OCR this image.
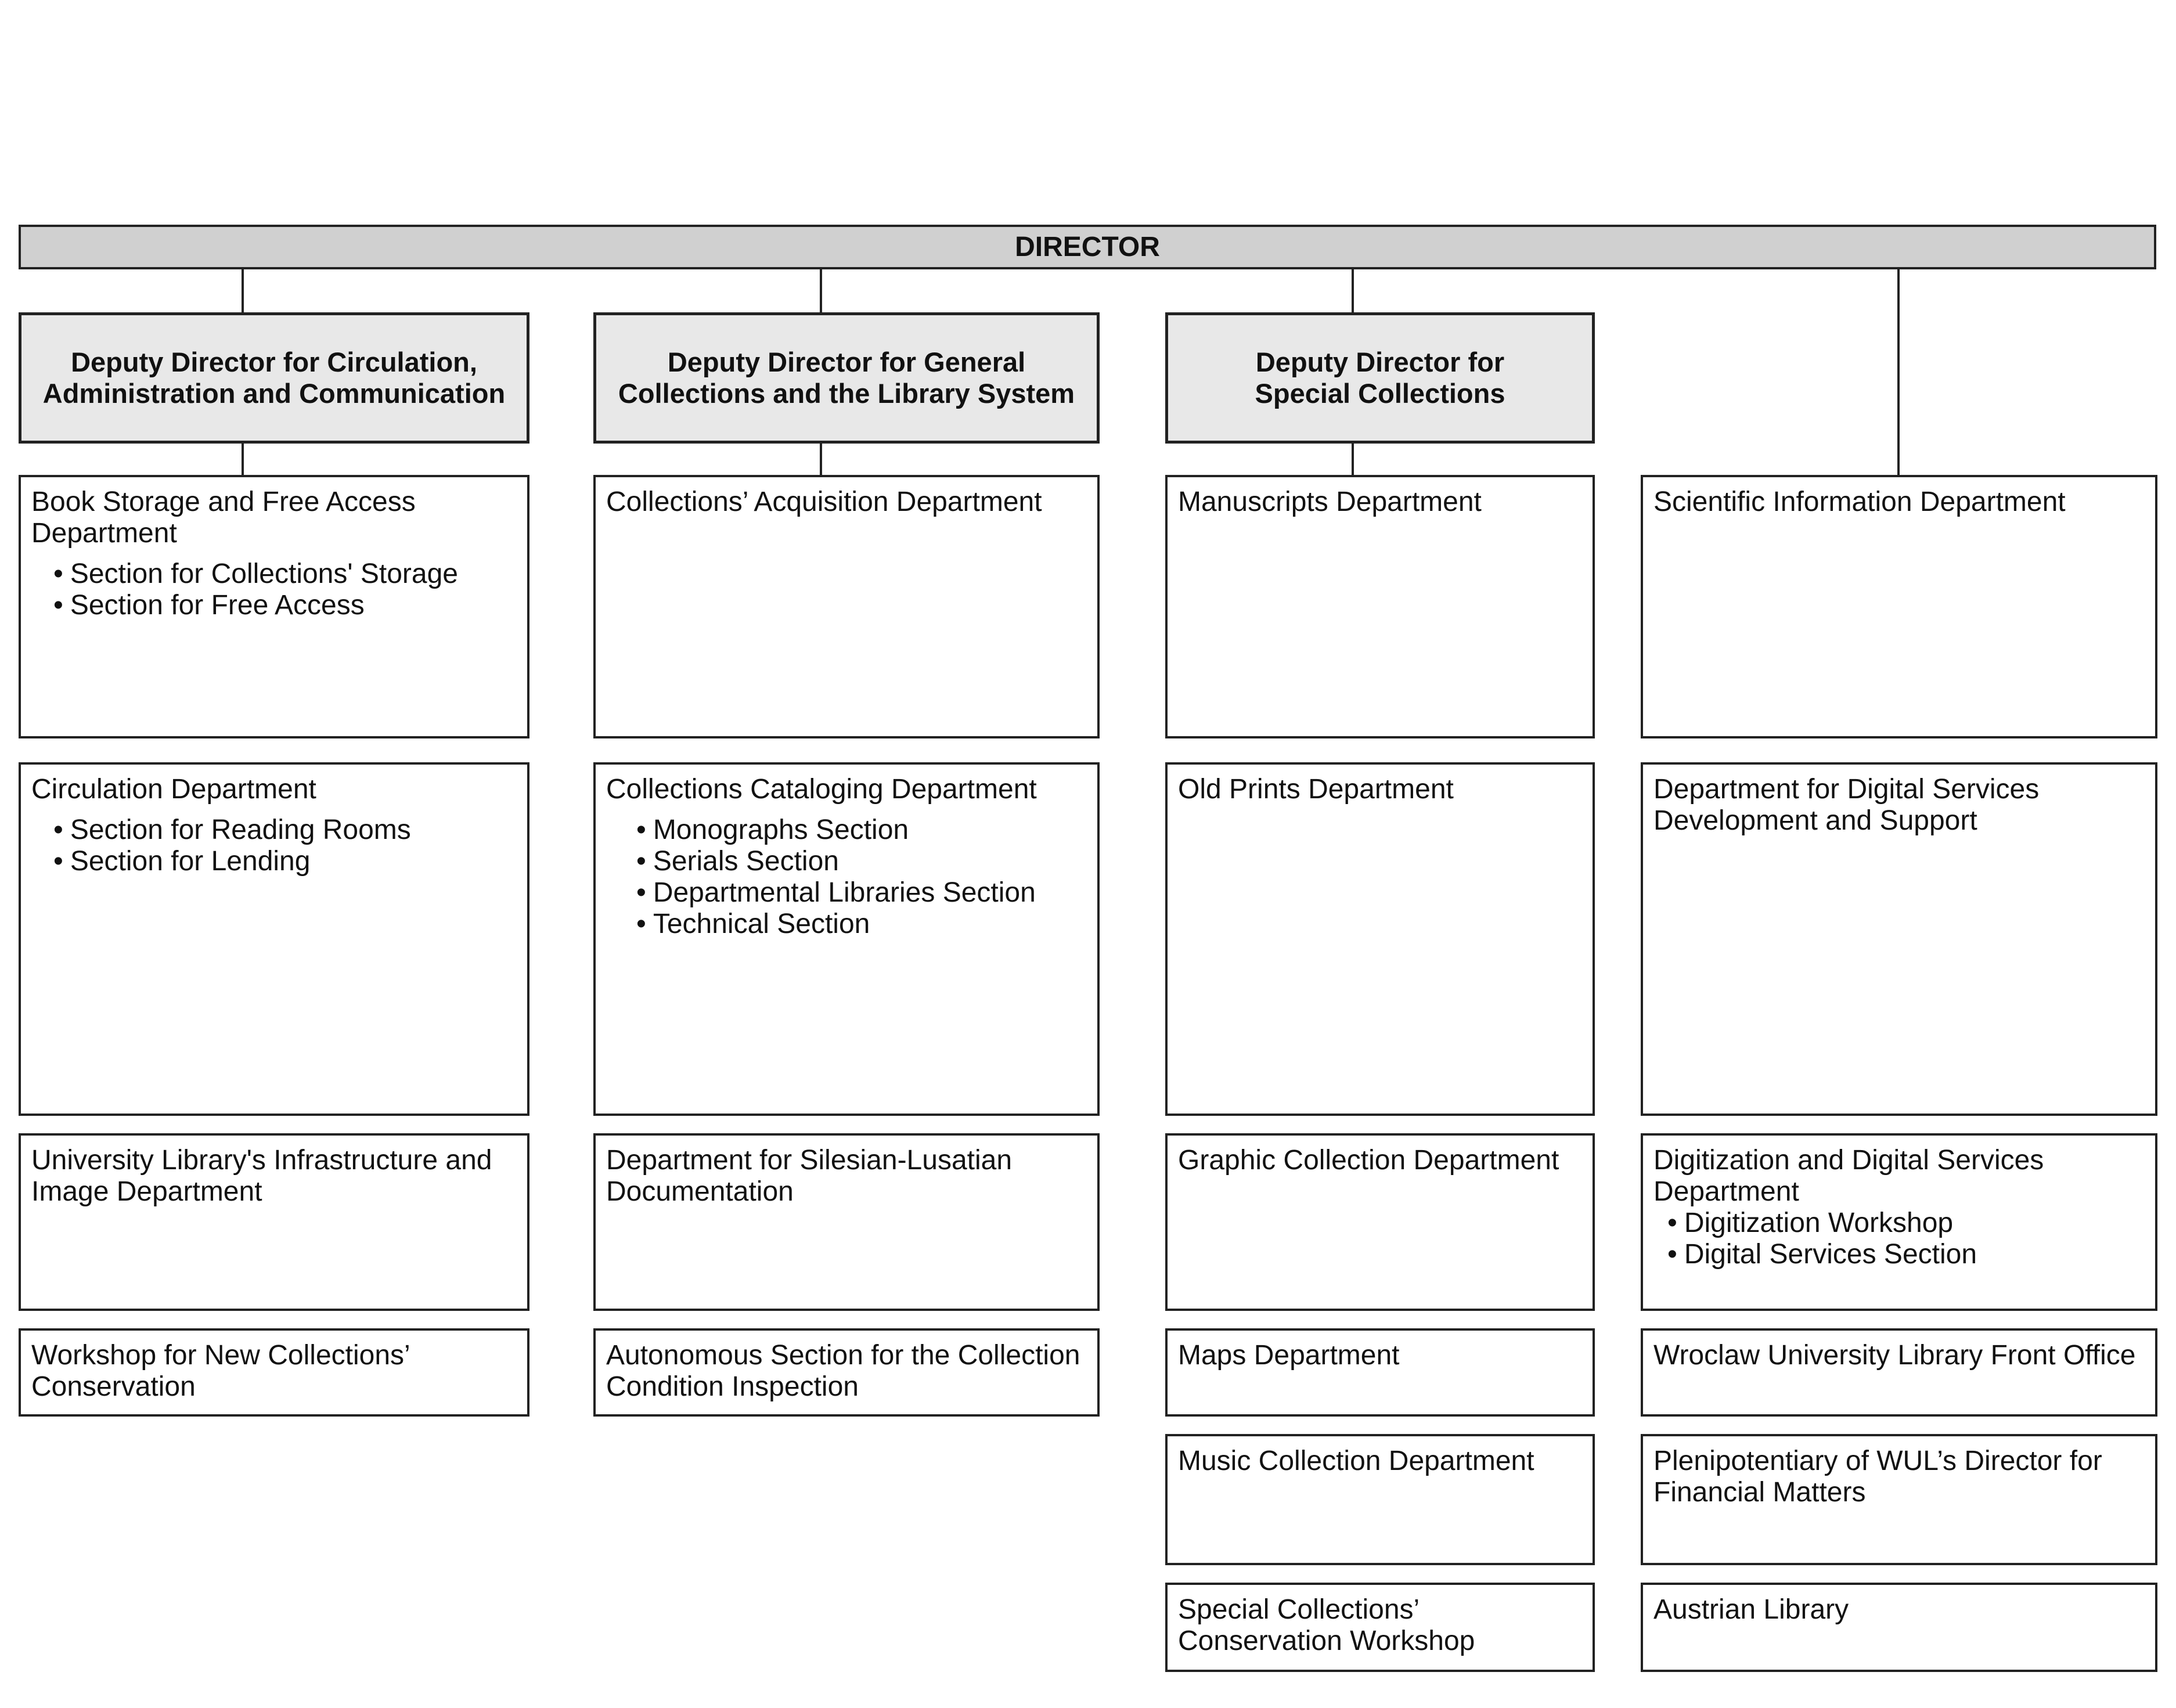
DIRECTOR
Deputy Director for Circulation,
Administration and Communication
Deputy Director for General
Collections and the Library System
Deputy Director for
Special Collections
Book Storage and Free Access Department
• Section for Collections' Storage
• Section for Free Access
Circulation Department
• Section for Reading Rooms
• Section for Lending
University Library's Infrastructure and Image Department
Workshop for New Collections’ Conservation
Collections’ Acquisition Department
Collections Cataloging Department
• Monographs Section
• Serials Section
• Departmental Libraries Section
• Technical Section
Department for Silesian-Lusatian Documentation
Autonomous Section for the Collection Condition Inspection
Manuscripts Department
Old Prints Department
Graphic Collection Department
Maps Department
Music Collection Department
Special Collections’ Conservation Workshop
Scientific Information Department
Department for Digital Services Development and Support
Digitization and Digital Services Department
• Digitization Workshop
• Digital Services Section
Wroclaw University Library Front Office
Plenipotentiary of WUL’s Director for Financial Matters
Austrian Library
